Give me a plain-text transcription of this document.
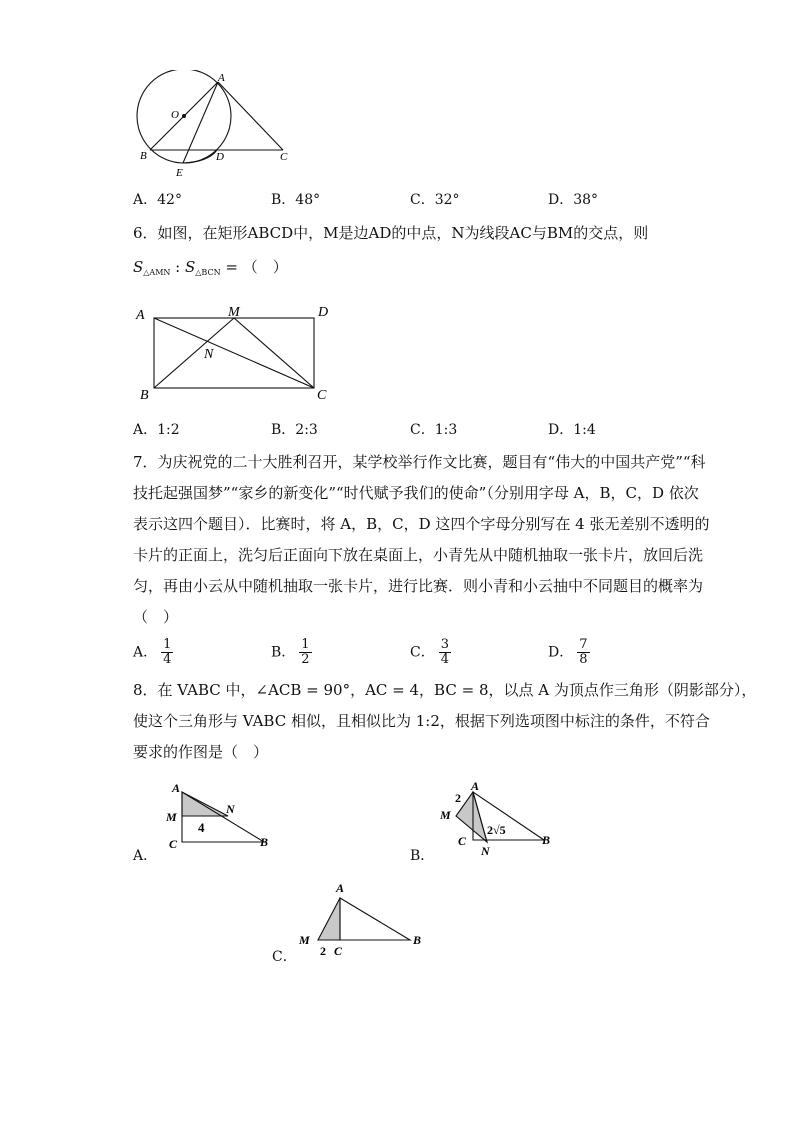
A
O
B
E
D	C
A．42°	B．48°	C．32°	D．38°
6．如图，在矩形ABCD中，M是边AD的中点，N为线段AC与BM的交点，则
$S_{\triangle AMN}$ : $S_{\triangle BCN}$ = （　）
A	M	D
N
B	C
A．1:2	B．2:3	C．1:3	D．1:4
7．为庆祝党的二十大胜利召开，某学校举行作文比赛，题目有“伟大的中国共产党”“科
技托起强国梦”“家乡的新变化”“时代赋予我们的使命”（分别用字母 A，B，C，D 依次
表示这四个题目）．比赛时，将 A，B，C，D 这四个字母分别写在 4 张无差别不透明的
卡片的正面上，洗匀后正面向下放在桌面上，小青先从中随机抽取一张卡片，放回后洗
匀，再由小云从中随机抽取一张卡片，进行比赛．则小青和小云抽中不同题目的概率为
（　）
A． $\frac{1}{4}$	B． $\frac{1}{2}$	C． $\frac{3}{4}$	D． $\frac{7}{8}$
8．在 VABC 中，∠ACB = 90°，AC = 4，BC = 8，以点 A 为顶点作三角形（阴影部分），
使这个三角形与 VABC 相似，且相似比为 1:2，根据下列选项图中标注的条件，不符合
要求的作图是（　）
A
N
M
4
C	B
A．
A
2
M
2√5
C
N
B
B．
A
M
2 C
B
C．
